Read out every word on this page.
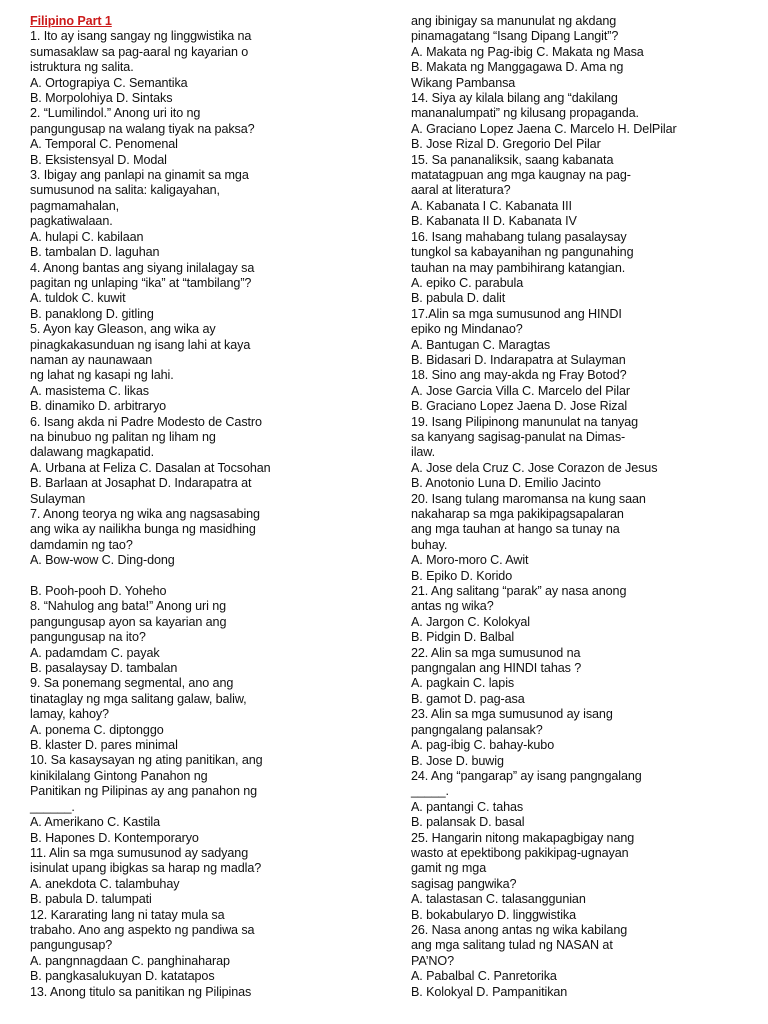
Filipino Part 1
1. Ito ay isang sangay ng linggwistika na
sumasaklaw sa pag-aaral ng kayarian o
istruktura ng salita.
A. Ortograpiya C. Semantika
B. Morpolohiya D. Sintaks
2. “Lumilindol.” Anong uri ito ng
pangungusap na walang tiyak na paksa?
A. Temporal C. Penomenal
B. Eksistensyal D. Modal
3. Ibigay ang panlapi na ginamit sa mga
sumusunod na salita: kaligayahan,
pagmamahalan,
pagkatiwalaan.
A. hulapi C. kabilaan
B. tambalan D. laguhan
4. Anong bantas ang siyang inilalagay sa
pagitan ng unlaping “ika” at “tambilang”?
A. tuldok C. kuwit
B. panaklong D. gitling
5. Ayon kay Gleason, ang wika ay
pinagkakasunduan ng isang lahi at kaya
naman ay naunawaan
ng lahat ng kasapi ng lahi.
A. masistema C. likas
B. dinamiko D. arbitraryo
6. Isang akda ni Padre Modesto de Castro
na binubuo ng palitan ng liham ng
dalawang magkapatid.
A. Urbana at Feliza C. Dasalan at Tocsohan
B. Barlaan at Josaphat D. Indarapatra at
Sulayman
7. Anong teorya ng wika ang nagsasabing
ang wika ay nailikha bunga ng masidhing
damdamin ng tao?
A. Bow-wow C. Ding-dong
B. Pooh-pooh D. Yoheho
8. “Nahulog ang bata!” Anong uri ng
pangungusap ayon sa kayarian ang
pangungusap na ito?
A. padamdam C. payak
B. pasalaysay D. tambalan
9. Sa ponemang segmental, ano ang
tinataglay ng mga salitang galaw, baliw,
lamay, kahoy?
A. ponema C. diptonggo
B. klaster D. pares minimal
10. Sa kasaysayan ng ating panitikan, ang
kinikilalang Gintong Panahon ng
Panitikan ng Pilipinas ay ang panahon ng
______.
A. Amerikano C. Kastila
B. Hapones D. Kontemporaryo
11. Alin sa mga sumusunod ay sadyang
isinulat upang ibigkas sa harap ng madla?
A. anekdota C. talambuhay
B. pabula D. talumpati
12. Kararating lang ni tatay mula sa
trabaho. Ano ang aspekto ng pandiwa sa
pangungusap?
A. pangnnagdaan C. panghinaharap
B. pangkasalukuyan D. katatapos
13. Anong titulo sa panitikan ng Pilipinas
ang ibinigay sa manunulat ng akdang
pinamagatang “Isang Dipang Langit”?
A. Makata ng Pag-ibig C. Makata ng Masa
B. Makata ng Manggagawa D. Ama ng
Wikang Pambansa
14. Siya ay kilala bilang ang “dakilang
mananalumpati” ng kilusang propaganda.
A. Graciano Lopez Jaena C. Marcelo H. DelPilar
B. Jose Rizal D. Gregorio Del Pilar
15. Sa pananaliksik, saang kabanata
matatagpuan ang mga kaugnay na pag-
aaral at literatura?
A. Kabanata I C. Kabanata III
B. Kabanata II D. Kabanata IV
16. Isang mahabang tulang pasalaysay
tungkol sa kabayanihan ng pangunahing
tauhan na may pambihirang katangian.
A. epiko C. parabula
B. pabula D. dalit
17.Alin sa mga sumusunod ang HINDI
epiko ng Mindanao?
A. Bantugan C. Maragtas
B. Bidasari D. Indarapatra at Sulayman
18. Sino ang may-akda ng Fray Botod?
A. Jose Garcia Villa C. Marcelo del Pilar
B. Graciano Lopez Jaena D. Jose Rizal
19. Isang Pilipinong manunulat na tanyag
sa kanyang sagisag-panulat na Dimas-
ilaw.
A. Jose dela Cruz C. Jose Corazon de Jesus
B. Anotonio Luna D. Emilio Jacinto
20. Isang tulang maromansa na kung saan
nakaharap sa mga pakikipagsapalaran
ang mga tauhan at hango sa tunay na
buhay.
A. Moro-moro C. Awit
B. Epiko D. Korido
21. Ang salitang “parak” ay nasa anong
antas ng wika?
A. Jargon C. Kolokyal
B. Pidgin D. Balbal
22. Alin sa mga sumusunod na
pangngalan ang HINDI tahas ?
A. pagkain C. lapis
B. gamot D. pag-asa
23. Alin sa mga sumusunod ay isang
pangngalang palansak?
A. pag-ibig C. bahay-kubo
B. Jose D. buwig
24. Ang “pangarap” ay isang pangngalang
_____.
A. pantangi C. tahas
B. palansak D. basal
25. Hangarin nitong makapagbigay nang
wasto at epektibong pakikipag-ugnayan
gamit ng mga
sagisag pangwika?
A. talastasan C. talasanggunian
B. bokabularyo D. linggwistika
26. Nasa anong antas ng wika kabilang
ang mga salitang tulad ng NASAN at
PA’NO?
A. Pabalbal C. Panretorika
B. Kolokyal D. Pampanitikan
